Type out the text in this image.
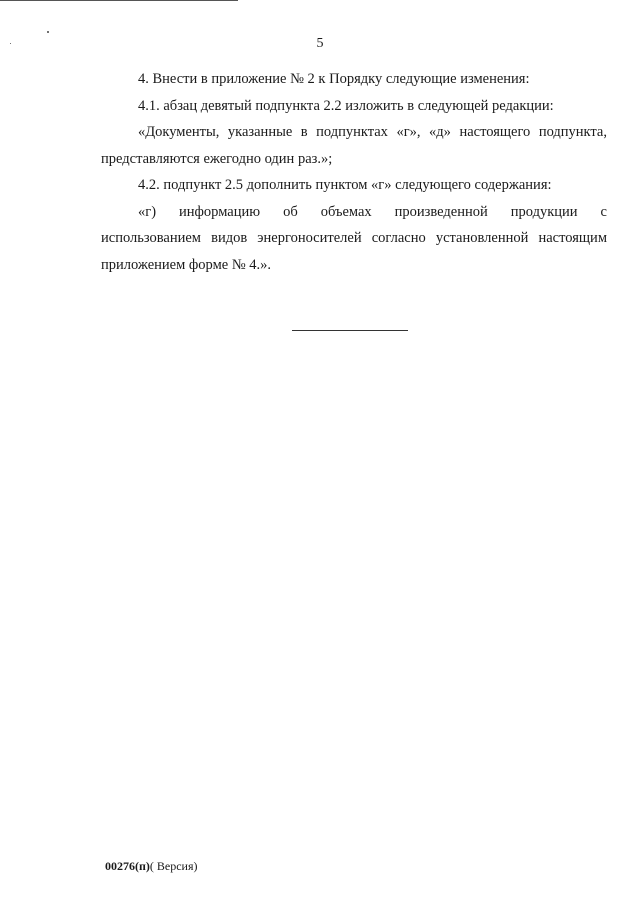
5

4. Внести в приложение № 2 к Порядку следующие изменения:

4.1. абзац девятый подпункта 2.2 изложить в следующей редакции:

«Документы, указанные в подпунктах «г», «д» настоящего подпункта, представляются ежегодно один раз.»;

4.2. подпункт 2.5 дополнить пунктом «г» следующего содержания:

«г) информацию об объемах произведенной продукции с

использованием видов энергоносителей согласно установленной настоящим приложением форме № 4.».

00276(п)( Версия)
